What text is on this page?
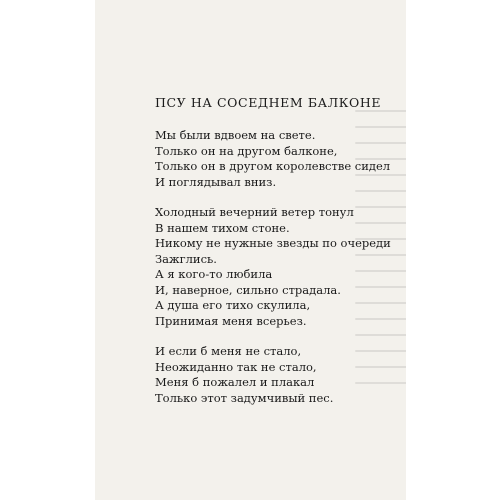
ПСУ НА СОСЕДНЕМ БАЛКОНЕ
Мы были вдвоем на свете.
Только он на другом балконе,
Только он в другом королевстве сидел
И поглядывал вниз.
Холодный вечерний ветер тонул
В нашем тихом стоне.
Никому не нужные звезды по очереди
Зажглись.
А я кого-то любила
И, наверное, сильно страдала.
А душа его тихо скулила,
Принимая меня всерьез.
И если б меня не стало,
Неожиданно так не стало,
Меня б пожалел и плакал
Только этот задумчивый пес.
